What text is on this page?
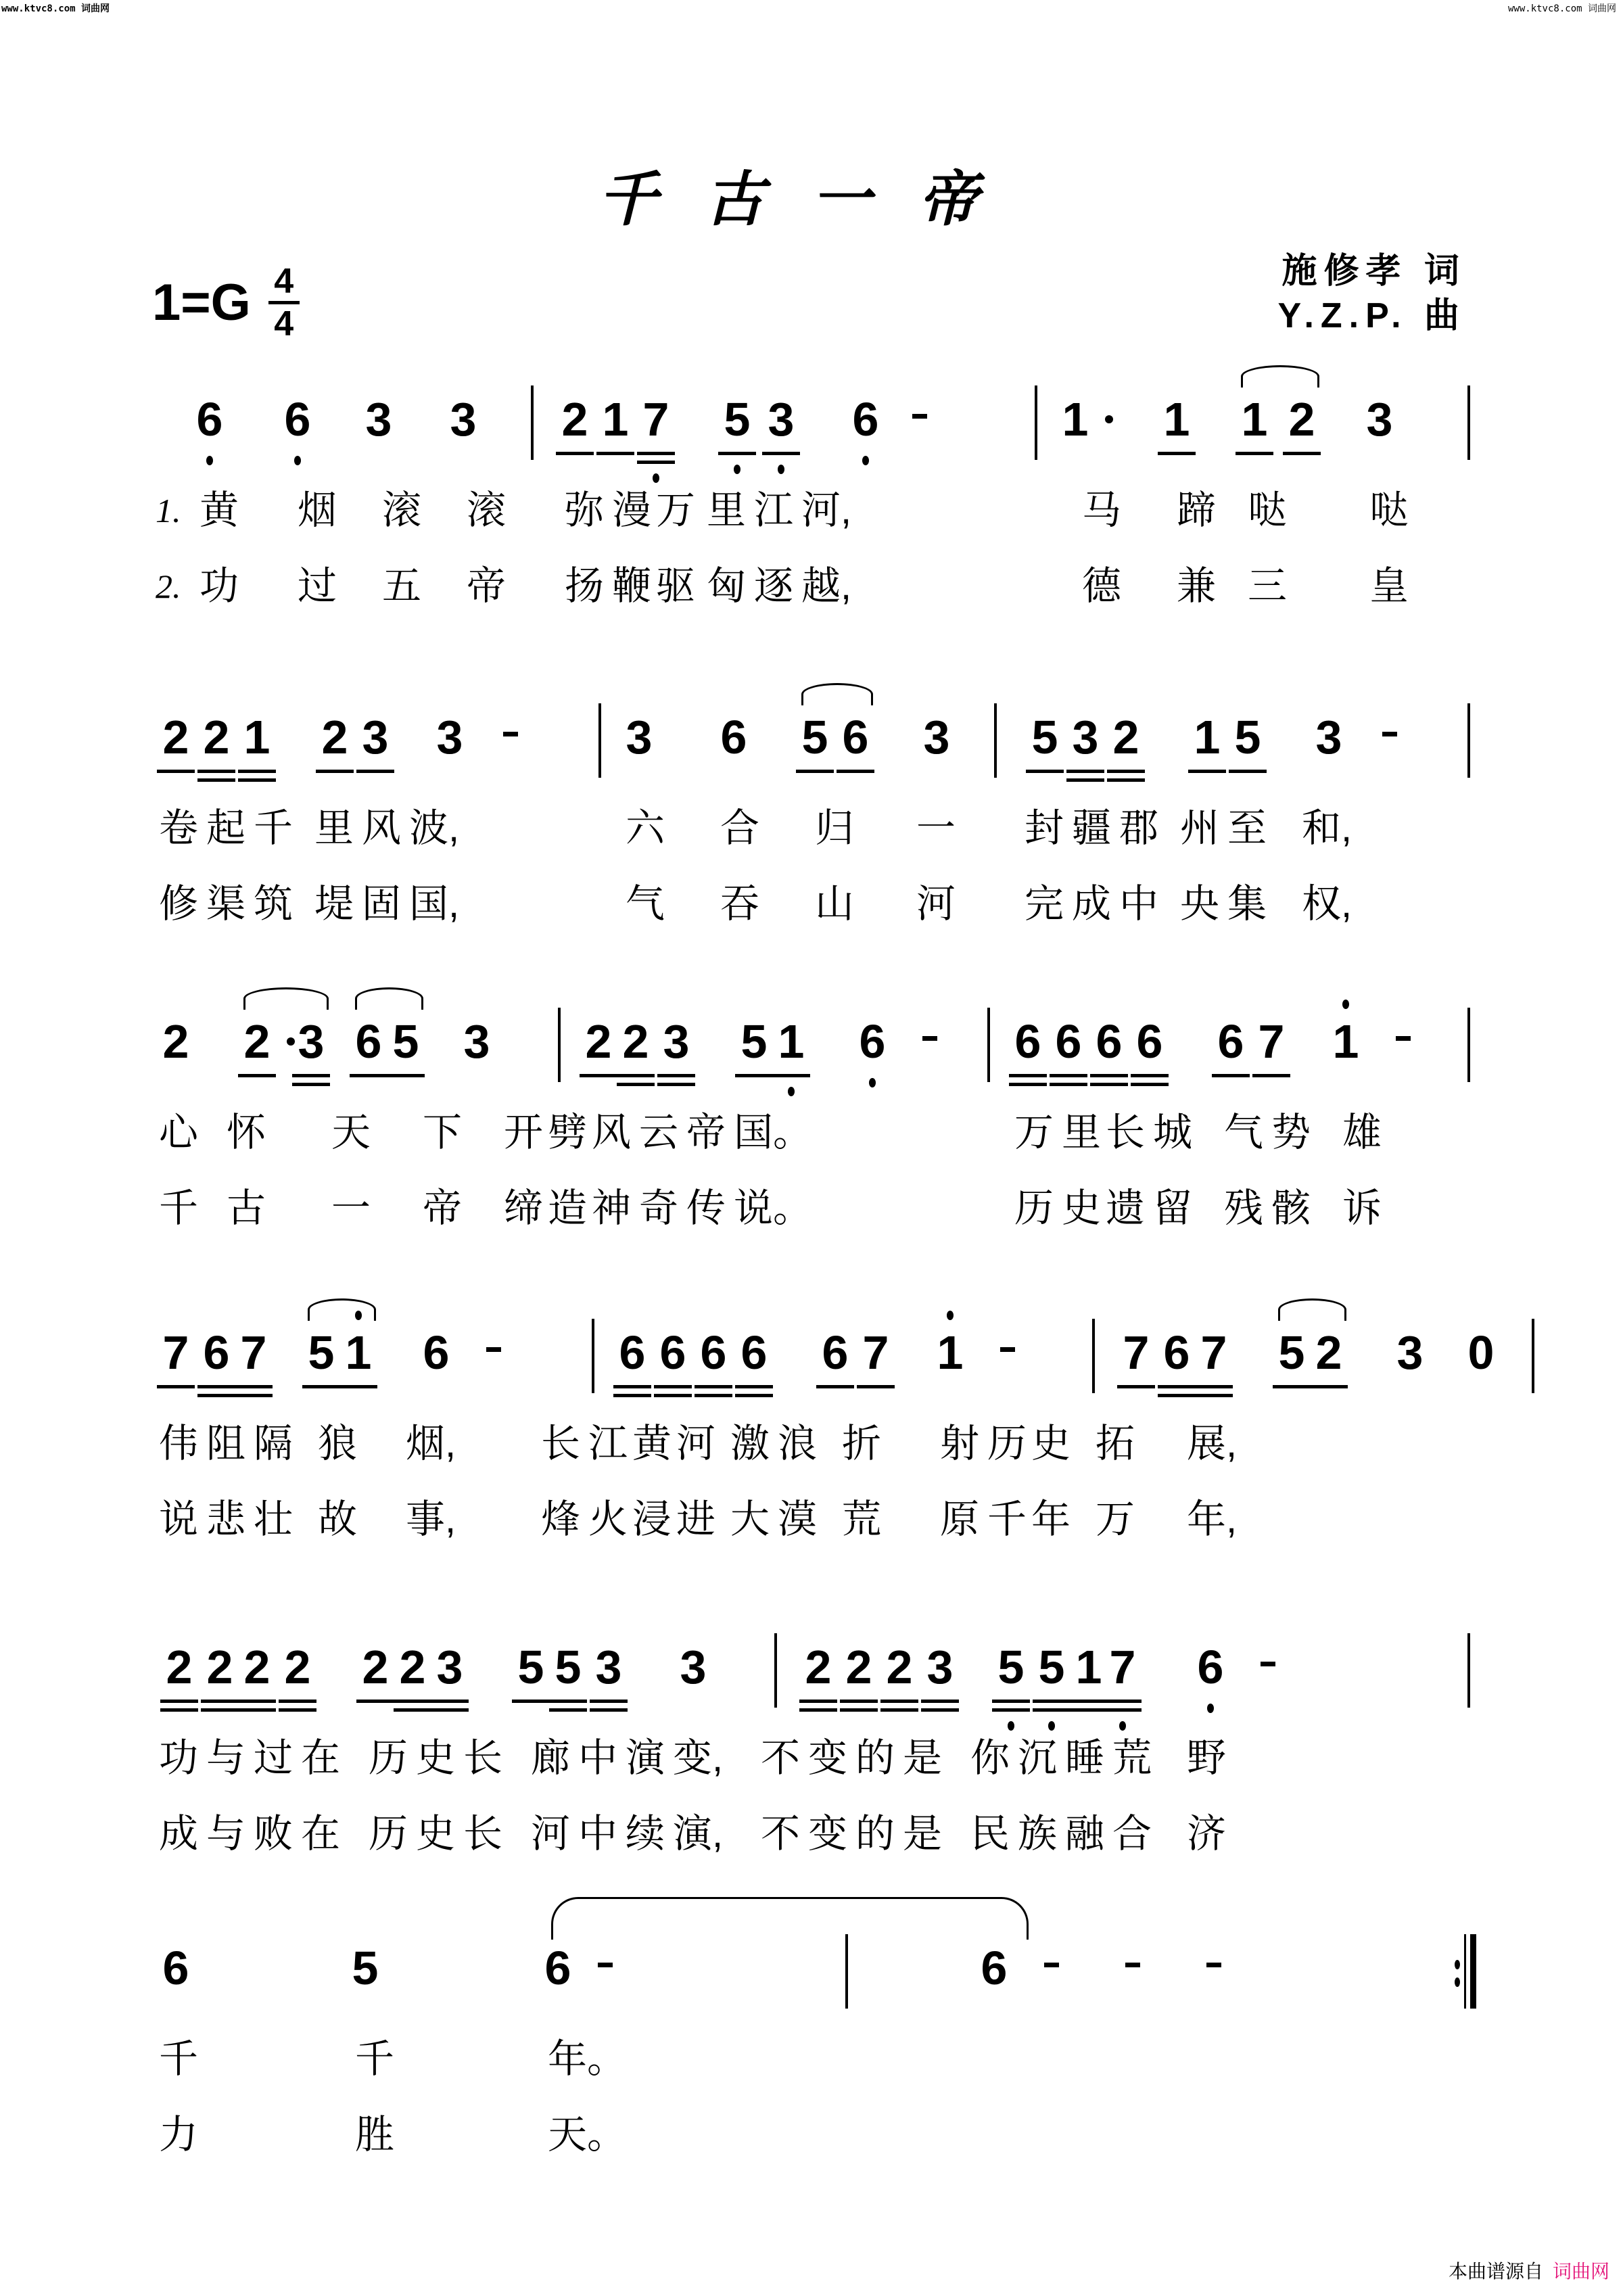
www.ktvc8.com 词曲网	www.ktvc8.com 词曲网
千古一帝
1=G 4
4
施修孝 词
Y.Z.P. 曲
6 6 3 3 2 1 7 5 3 6	1 1 1 2 3
1. 黄 烟 滚 滚 弥 漫 万 里 江 河,	马 蹄 哒 哒
2. 功 过 五 帝 扬 鞭 驱 匈 逐 越,	德 兼 三 皇
2 2 1 2 3 3	3 6 5 6 3 5 3 2 1 5 3
卷 起 千 里 风 波,	六 合 归 一 封 疆 郡 州 至 和,
修 渠 筑 堤 固 国,	气 吞 山 河 完 成 中 央 集 权,
2 2 3 6 5 3 2 2 3 5 1 6	6 6 6 6 6 7 1
心 怀 天 下 开 劈 风 云 帝 国。	万 里 长 城 气 势 雄
千 古 一 帝 缔 造 神 奇 传 说。	历 史 遗 留 残 骸 诉
7 6 7 5 1 6	6 6 6 6 6 7 1	7 6 7 5 2 3 0
伟 阻 隔 狼 烟, 长 江 黄 河 激 浪 折 射 历 史 拓 展,
说 悲 壮 故 事, 烽 火 浸 进 大 漠 荒 原 千 年 万 年,
2 2 2 2 2 2 3 5 5 3 3 2 2 2 3 5 5 1 7 6
功 与 过 在 历 史 长 廊 中 演 变, 不 变 的 是 你 沉 睡 荒 野
成 与 败 在 历 史 长 河 中 续 演, 不 变 的 是 民 族 融 合 济
6	5	6	6
千	千	年。
力	胜	天。
本曲谱源自 词曲网
